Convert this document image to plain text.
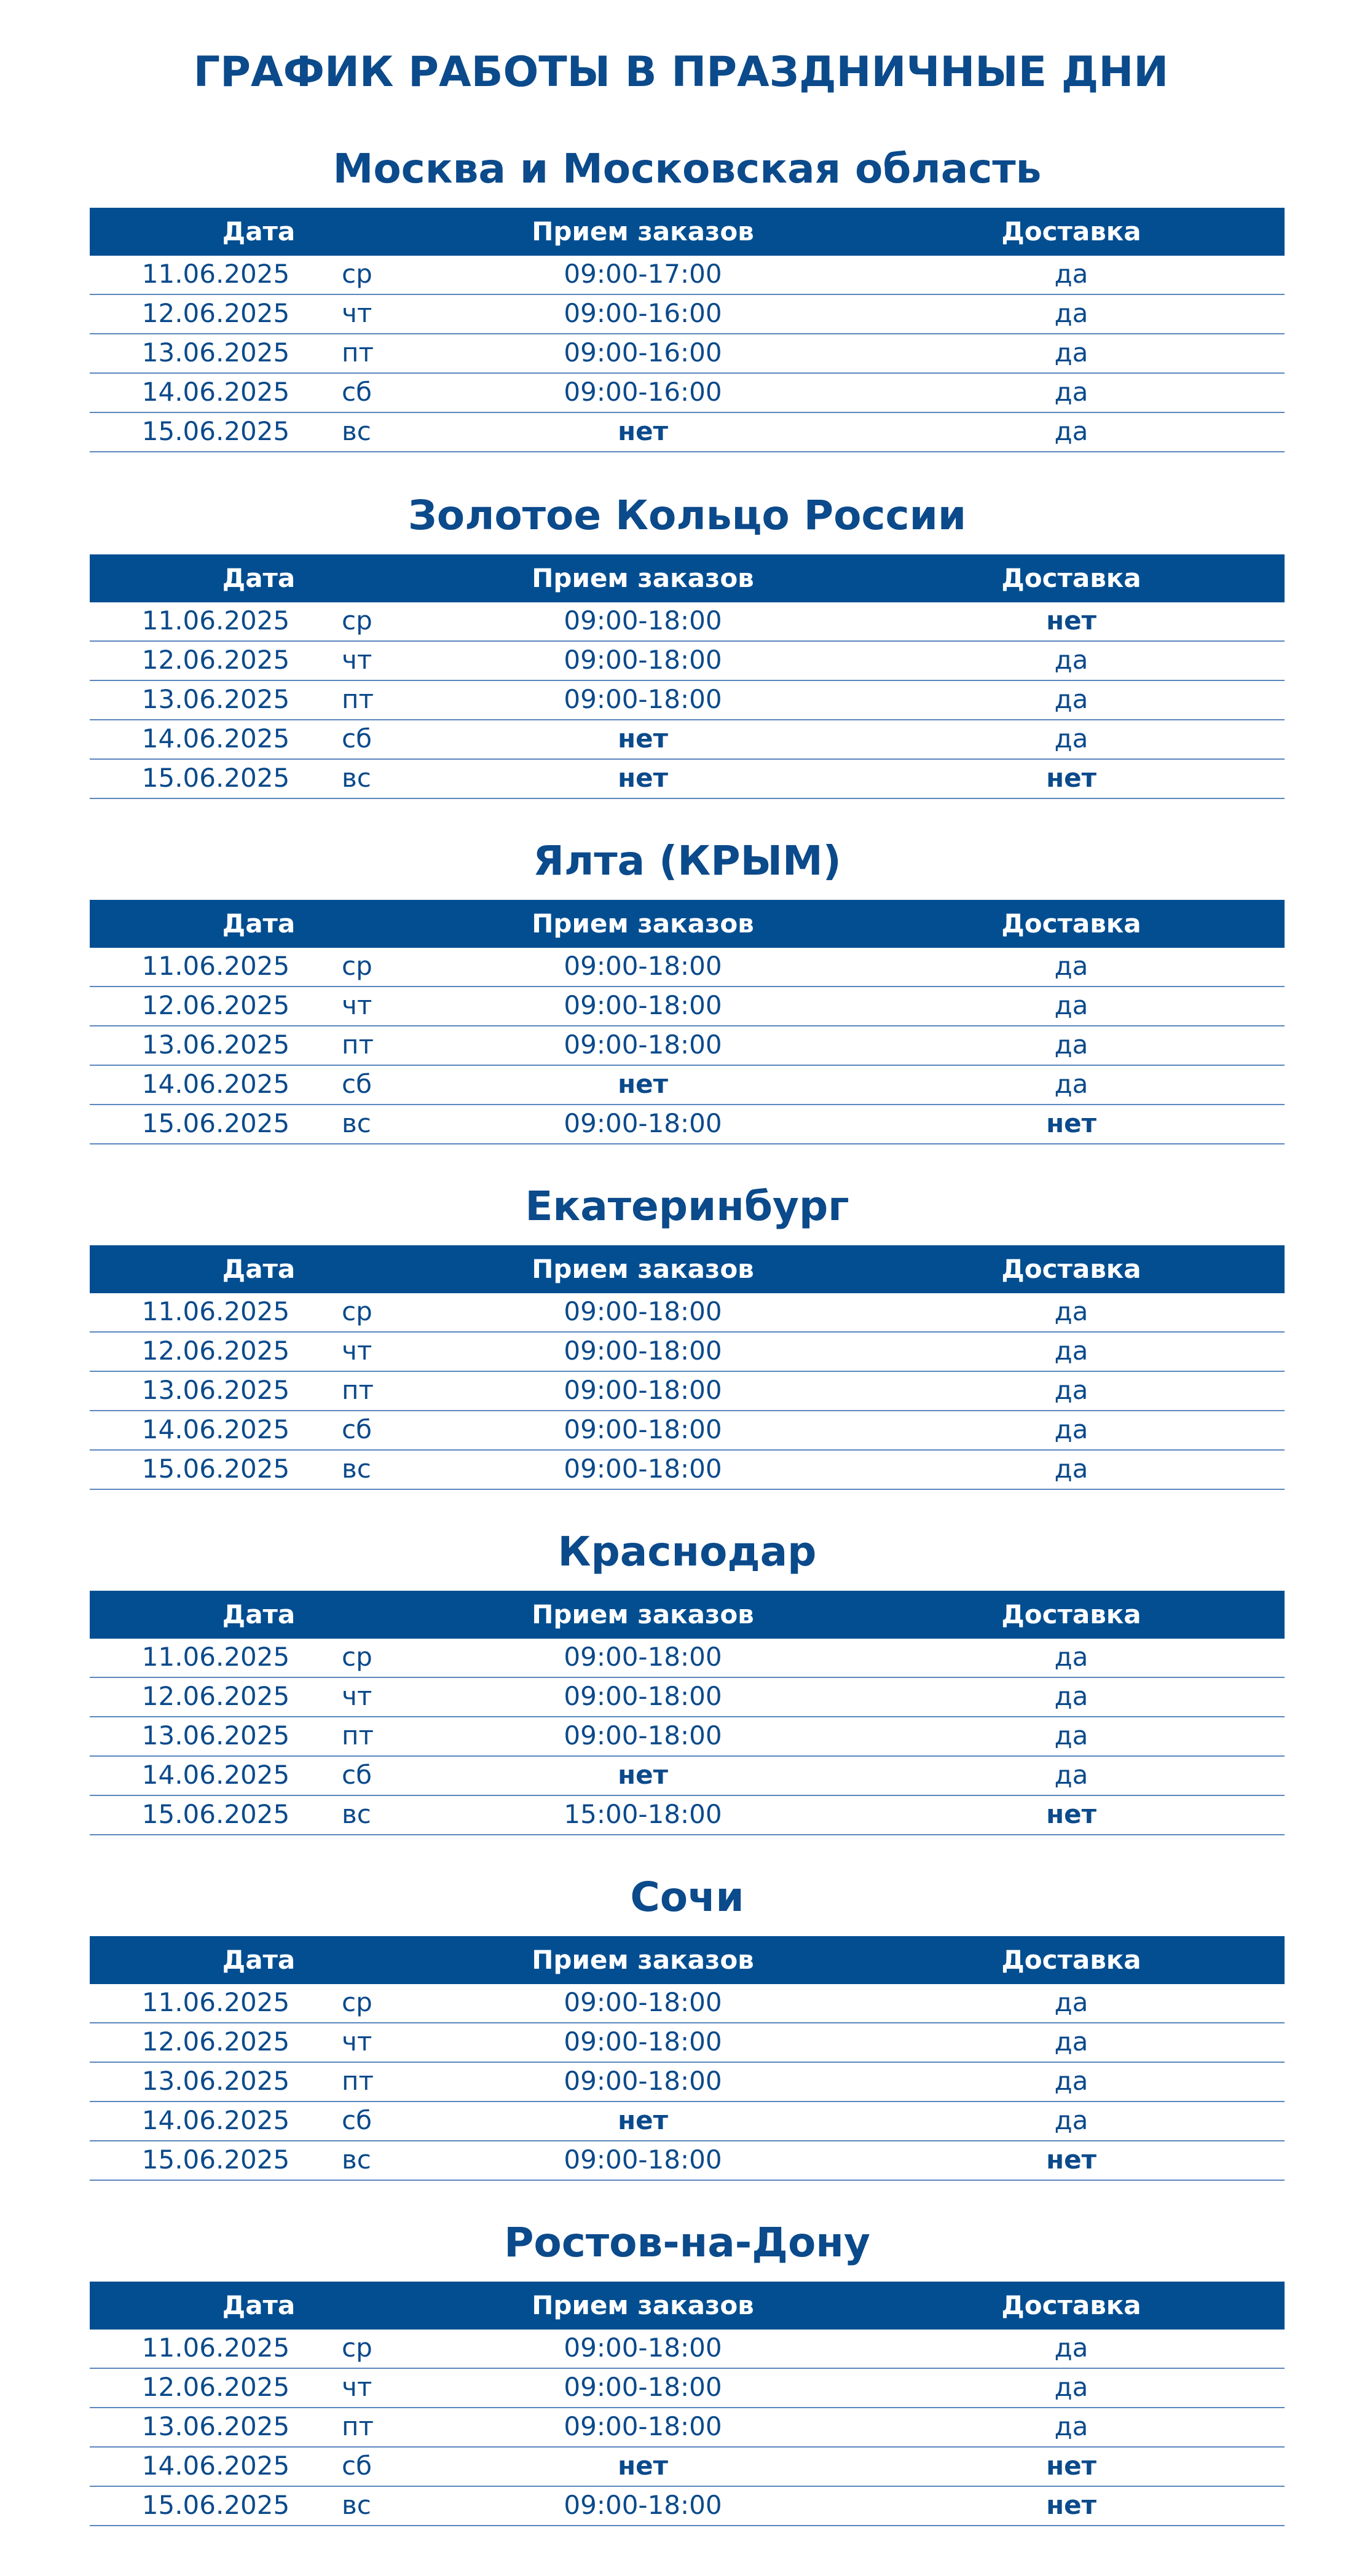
ГРАФИК РАБОТЫ В ПРАЗДНИЧНЫЕ ДНИ
Москва и Московская область
Дата	Прием заказов	Доставка
11.06.2025	ср	09:00-17:00	да
12.06.2025	чт	09:00-16:00	да
13.06.2025	пт	09:00-16:00	да
14.06.2025	сб	09:00-16:00	да
15.06.2025	вс	нет	да
Золотое Кольцо России
Дата	Прием заказов	Доставка
11.06.2025	ср	09:00-18:00	нет
12.06.2025	чт	09:00-18:00	да
13.06.2025	пт	09:00-18:00	да
14.06.2025	сб	нет	да
15.06.2025	вс	нет	нет
Ялта (КРЫМ)
Дата	Прием заказов	Доставка
11.06.2025	ср	09:00-18:00	да
12.06.2025	чт	09:00-18:00	да
13.06.2025	пт	09:00-18:00	да
14.06.2025	сб	нет	да
15.06.2025	вс	09:00-18:00	нет
Екатеринбург
Дата	Прием заказов	Доставка
11.06.2025	ср	09:00-18:00	да
12.06.2025	чт	09:00-18:00	да
13.06.2025	пт	09:00-18:00	да
14.06.2025	сб	09:00-18:00	да
15.06.2025	вс	09:00-18:00	да
Краснодар
Дата	Прием заказов	Доставка
11.06.2025	ср	09:00-18:00	да
12.06.2025	чт	09:00-18:00	да
13.06.2025	пт	09:00-18:00	да
14.06.2025	сб	нет	да
15.06.2025	вс	15:00-18:00	нет
Сочи
Дата	Прием заказов	Доставка
11.06.2025	ср	09:00-18:00	да
12.06.2025	чт	09:00-18:00	да
13.06.2025	пт	09:00-18:00	да
14.06.2025	сб	нет	да
15.06.2025	вс	09:00-18:00	нет
Ростов-на-Дону
Дата	Прием заказов	Доставка
11.06.2025	ср	09:00-18:00	да
12.06.2025	чт	09:00-18:00	да
13.06.2025	пт	09:00-18:00	да
14.06.2025	сб	нет	нет
15.06.2025	вс	09:00-18:00	нет
